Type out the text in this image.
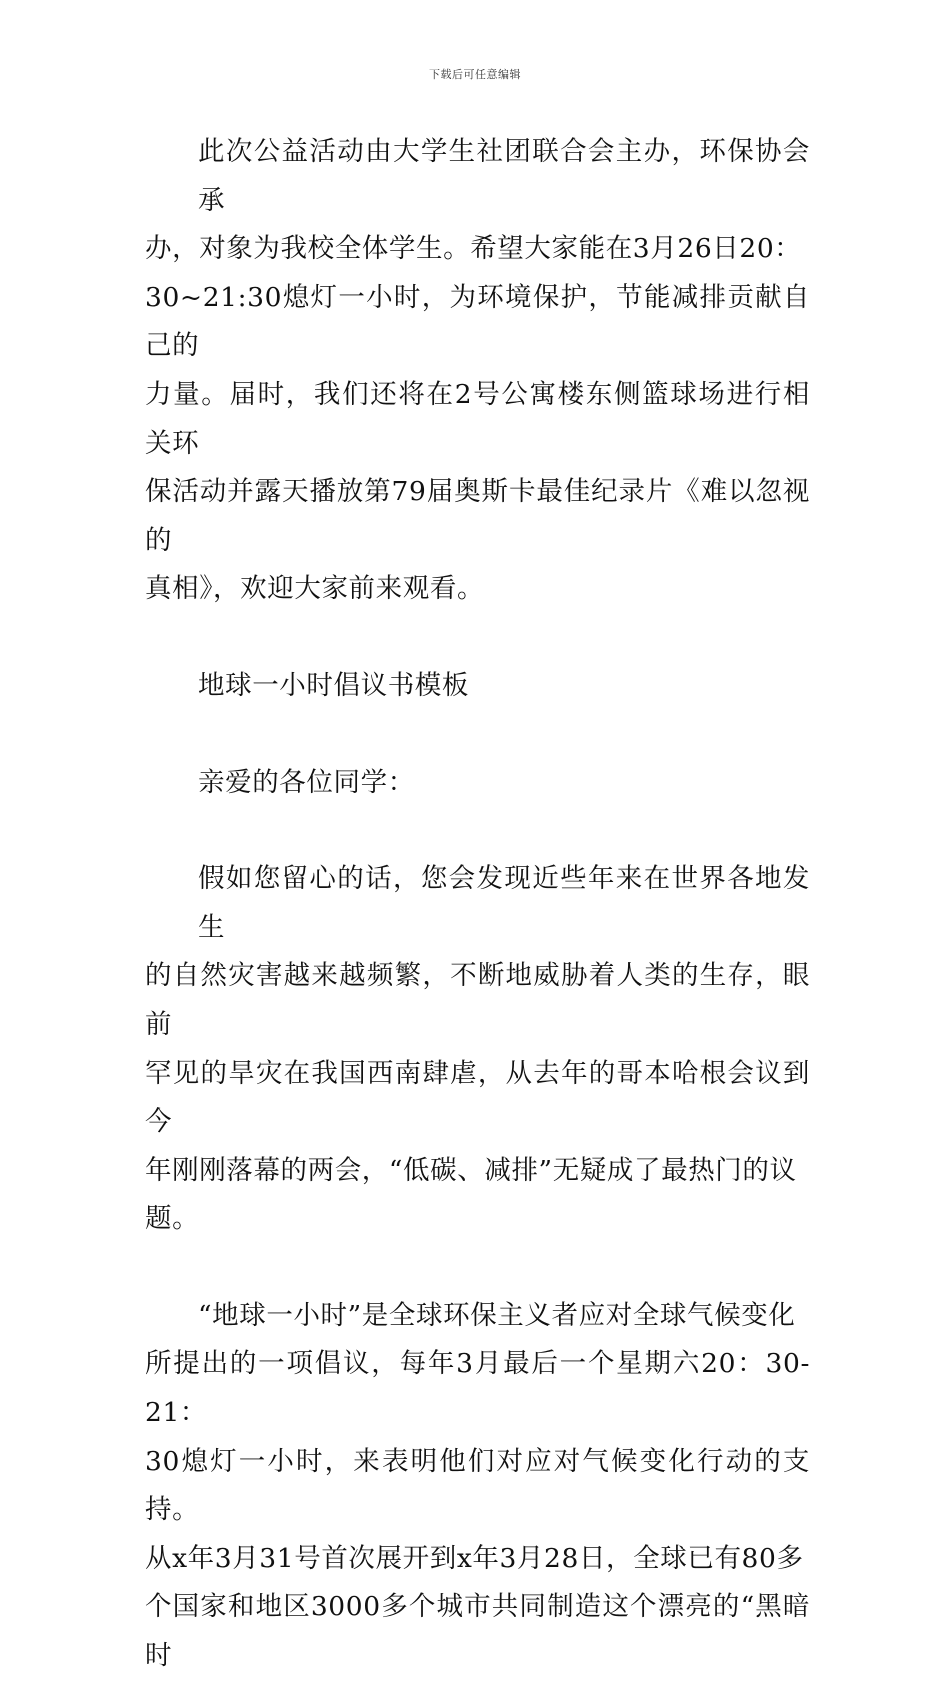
下载后可任意编辑
此次公益活动由大学生社团联合会主办，环保协会承
办，对象为我校全体学生。希望大家能在3月26日20：
30~21:30熄灯一小时，为环境保护，节能减排贡献自己的
力量。届时，我们还将在2号公寓楼东侧篮球场进行相关环
保活动并露天播放第79届奥斯卡最佳纪录片《难以忽视的
真相》，欢迎大家前来观看。
地球一小时倡议书模板
亲爱的各位同学：
假如您留心的话，您会发现近些年来在世界各地发生
的自然灾害越来越频繁，不断地威胁着人类的生存，眼前
罕见的旱灾在我国西南肆虐，从去年的哥本哈根会议到今
年刚刚落幕的两会，“低碳、减排”无疑成了最热门的议
题。
“地球一小时”是全球环保主义者应对全球气候变化
所提出的一项倡议，每年3月最后一个星期六20：30-21：
30熄灯一小时，来表明他们对应对气候变化行动的支持。
从x年3月31号首次展开到x年3月28日，全球已有80多
个国家和地区3000多个城市共同制造这个漂亮的“黑暗时
